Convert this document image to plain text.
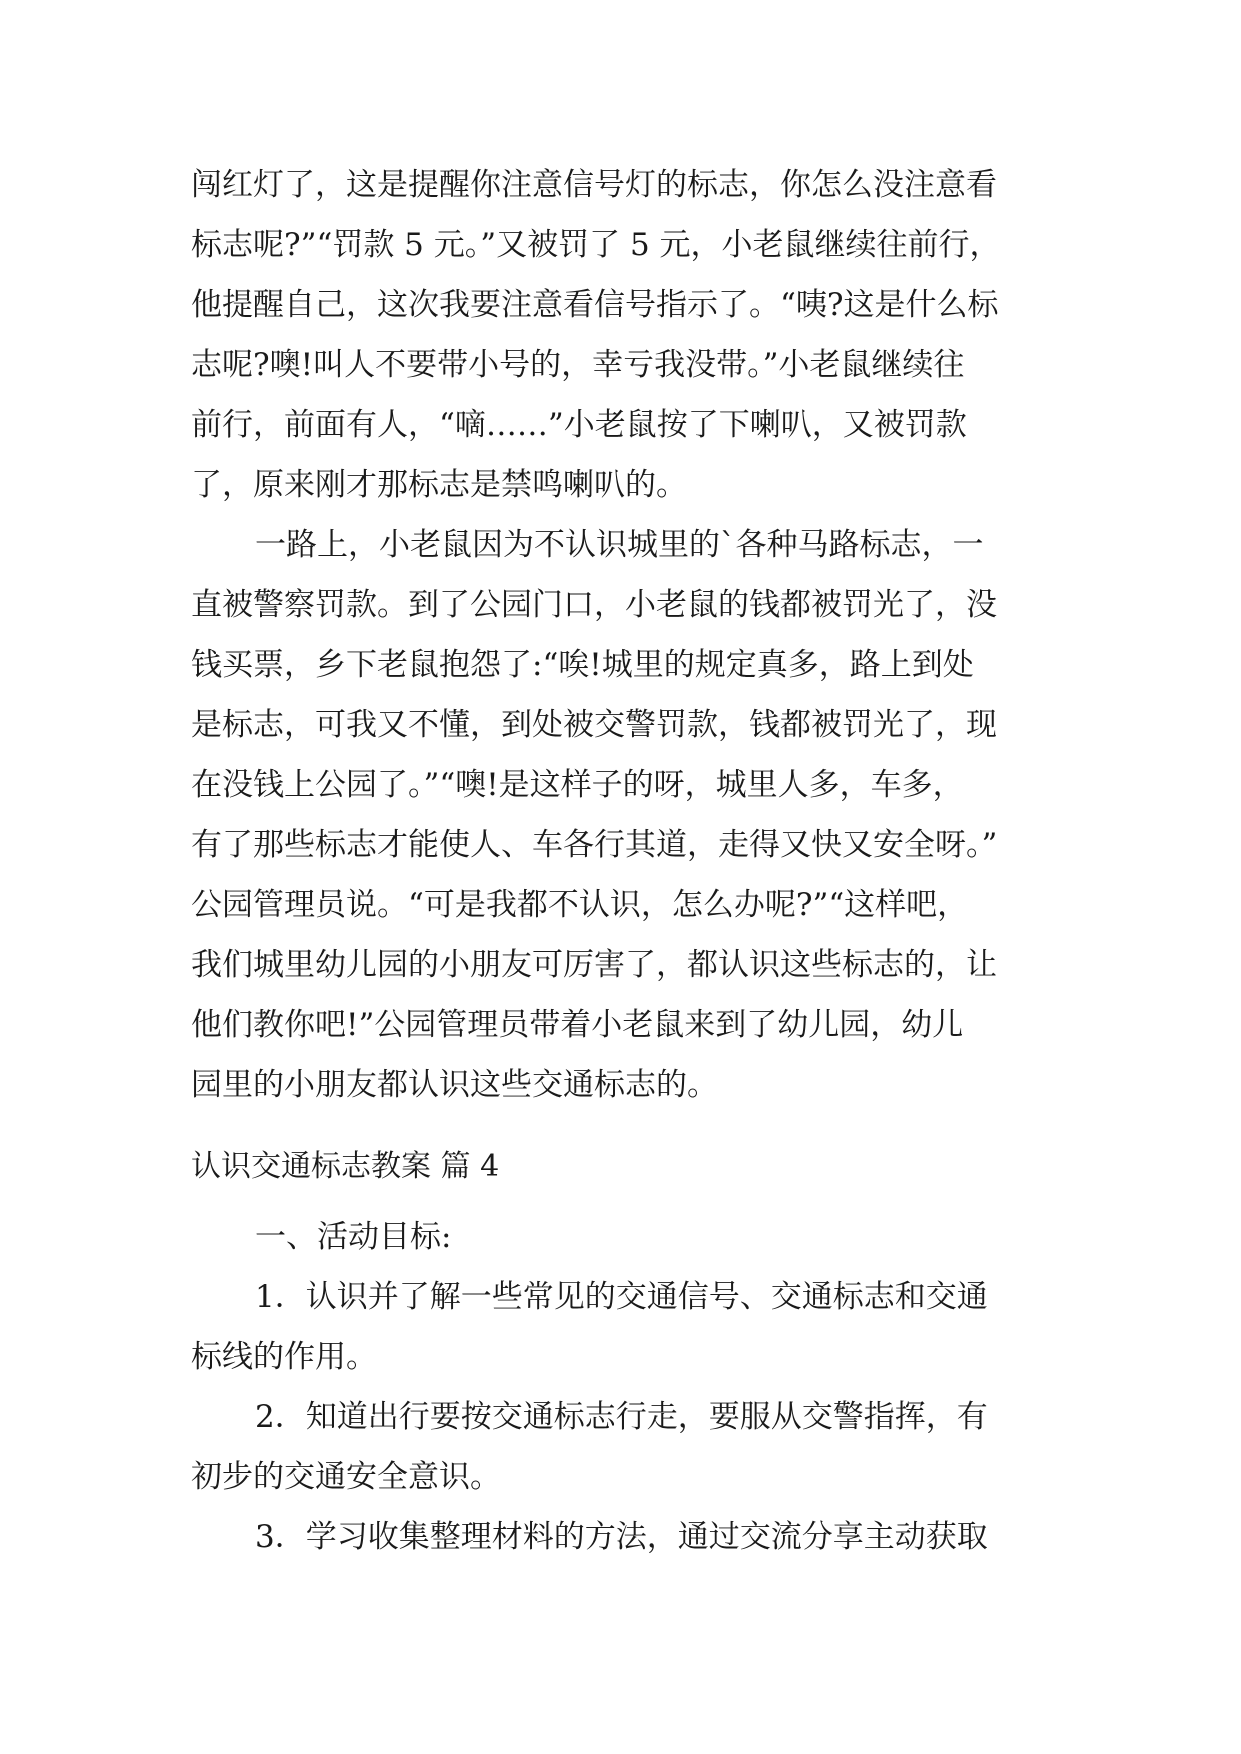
闯红灯了，这是提醒你注意信号灯的标志，你怎么没注意看
标志呢?”“罚款 5 元。”又被罚了 5 元，小老鼠继续往前行，
他提醒自己，这次我要注意看信号指示了。“咦?这是什么标
志呢?噢!叫人不要带小号的，幸亏我没带。”小老鼠继续往
前行，前面有人，“嘀……”小老鼠按了下喇叭，又被罚款
了，原来刚才那标志是禁鸣喇叭的。
一路上，小老鼠因为不认识城里的`各种马路标志，一
直被警察罚款。到了公园门口，小老鼠的钱都被罚光了，没
钱买票，乡下老鼠抱怨了:“唉!城里的规定真多，路上到处
是标志，可我又不懂，到处被交警罚款，钱都被罚光了，现
在没钱上公园了。”“噢!是这样子的呀，城里人多，车多，
有了那些标志才能使人、车各行其道，走得又快又安全呀。”
公园管理员说。“可是我都不认识，怎么办呢?”“这样吧，
我们城里幼儿园的小朋友可厉害了，都认识这些标志的，让
他们教你吧!”公园管理员带着小老鼠来到了幼儿园，幼儿
园里的小朋友都认识这些交通标志的。
认识交通标志教案 篇 4
一、活动目标:
1．认识并了解一些常见的交通信号、交通标志和交通
标线的作用。
2．知道出行要按交通标志行走，要服从交警指挥，有
初步的交通安全意识。
3．学习收集整理材料的方法，通过交流分享主动获取
